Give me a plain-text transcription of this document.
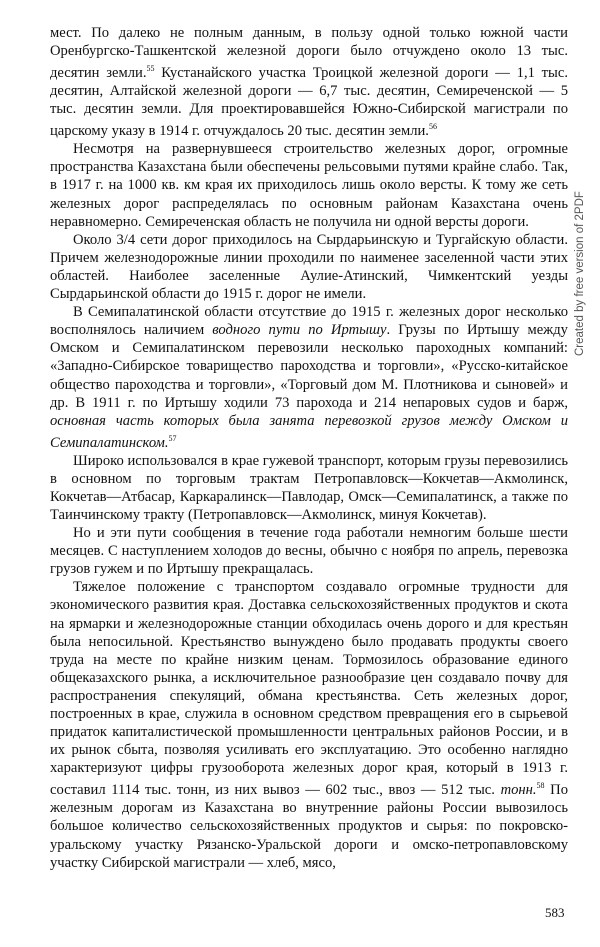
мест. По далеко не полным данным, в пользу одной только южной части Оренбургско-Ташкентской железной дороги было отчуждено около 13 тыс. десятин земли.$^{55}$ Кустанайского участка Троицкой железной дороги — 1,1 тыс. десятин, Алтайской железной дороги — 6,7 тыс. десятин, Семиреченской — 5 тыс. десятин земли. Для проектировавшейся Южно-Сибирской магистрали по царскому указу в 1914 г. отчуждалось 20 тыс. десятин земли.$^{56}$

Несмотря на развернувшееся строительство железных дорог, огромные пространства Казахстана были обеспечены рельсовыми путями крайне слабо. Так, в 1917 г. на 1000 кв. км края их приходилось лишь около версты. К тому же сеть железных дорог распределялась по основным районам Казахстана очень неравномерно. Семиреченская область не получила ни одной версты дороги.

Около 3/4 сети дорог приходилось на Сырдарьинскую и Тургайскую области. Причем железнодорожные линии проходили по наименее заселенной части этих областей. Наиболее заселенные Аулие-Атинский, Чимкентский уезды Сырдарьинской области до 1915 г. дорог не имели.

В Семипалатинской области отсутствие до 1915 г. железных дорог несколько восполнялось наличием водного пути по Иртышу. Грузы по Иртышу между Омском и Семипалатинском перевозили несколько пароходных компаний: «Западно-Сибирское товарищество пароходства и торговли», «Русско-китайское общество пароходства и торговли», «Торговый дом М. Плотникова и сыновей» и др. В 1911 г. по Иртышу ходили 73 парохода и 214 непаровых судов и барж, основная часть которых была занята перевозкой грузов между Омском и Семипалатинском.$^{57}$

Широко использовался в крае гужевой транспорт, которым грузы перевозились в основном по торговым трактам Петропавловск—Кокчетав—Акмолинск, Кокчетав—Атбасар, Каркаралинск—Павлодар, Омск—Семипалатинск, а также по Таинчинскому тракту (Петропавловск—Акмолинск, минуя Кокчетав).

Но и эти пути сообщения в течение года работали немногим больше шести месяцев. С наступлением холодов до весны, обычно с ноября по апрель, перевозка грузов гужем и по Иртышу прекращалась.

Тяжелое положение с транспортом создавало огромные трудности для экономического развития края. Доставка сельскохозяйственных продуктов и скота на ярмарки и железнодорожные станции обходилась очень дорого и для крестьян была непосильной. Крестьянство вынуждено было продавать продукты своего труда на месте по крайне низким ценам. Тормозилось образование единого общеказахского рынка, а исключительное разнообразие цен создавало почву для распространения спекуляций, обмана крестьянства. Сеть железных дорог, построенных в крае, служила в основном средством превращения его в сырьевой придаток капиталистической промышленности центральных районов России, и в их рынок сбыта, позволяя усиливать его эксплуатацию. Это особенно наглядно характеризуют цифры грузооборота железных дорог края, который в 1913 г. составил 1114 тыс. тонн, из них вывоз — 602 тыс., ввоз — 512 тыс. тонн.$^{58}$ По железным дорогам из Казахстана во внутренние районы России вывозилось большое количество сельскохозяйственных продуктов и сырья: по покровско-уральскому участку Рязанско-Уральской дороги и омско-петропавловскому участку Сибирской магистрали — хлеб, мясо,

583
Created by free version of 2PDF
